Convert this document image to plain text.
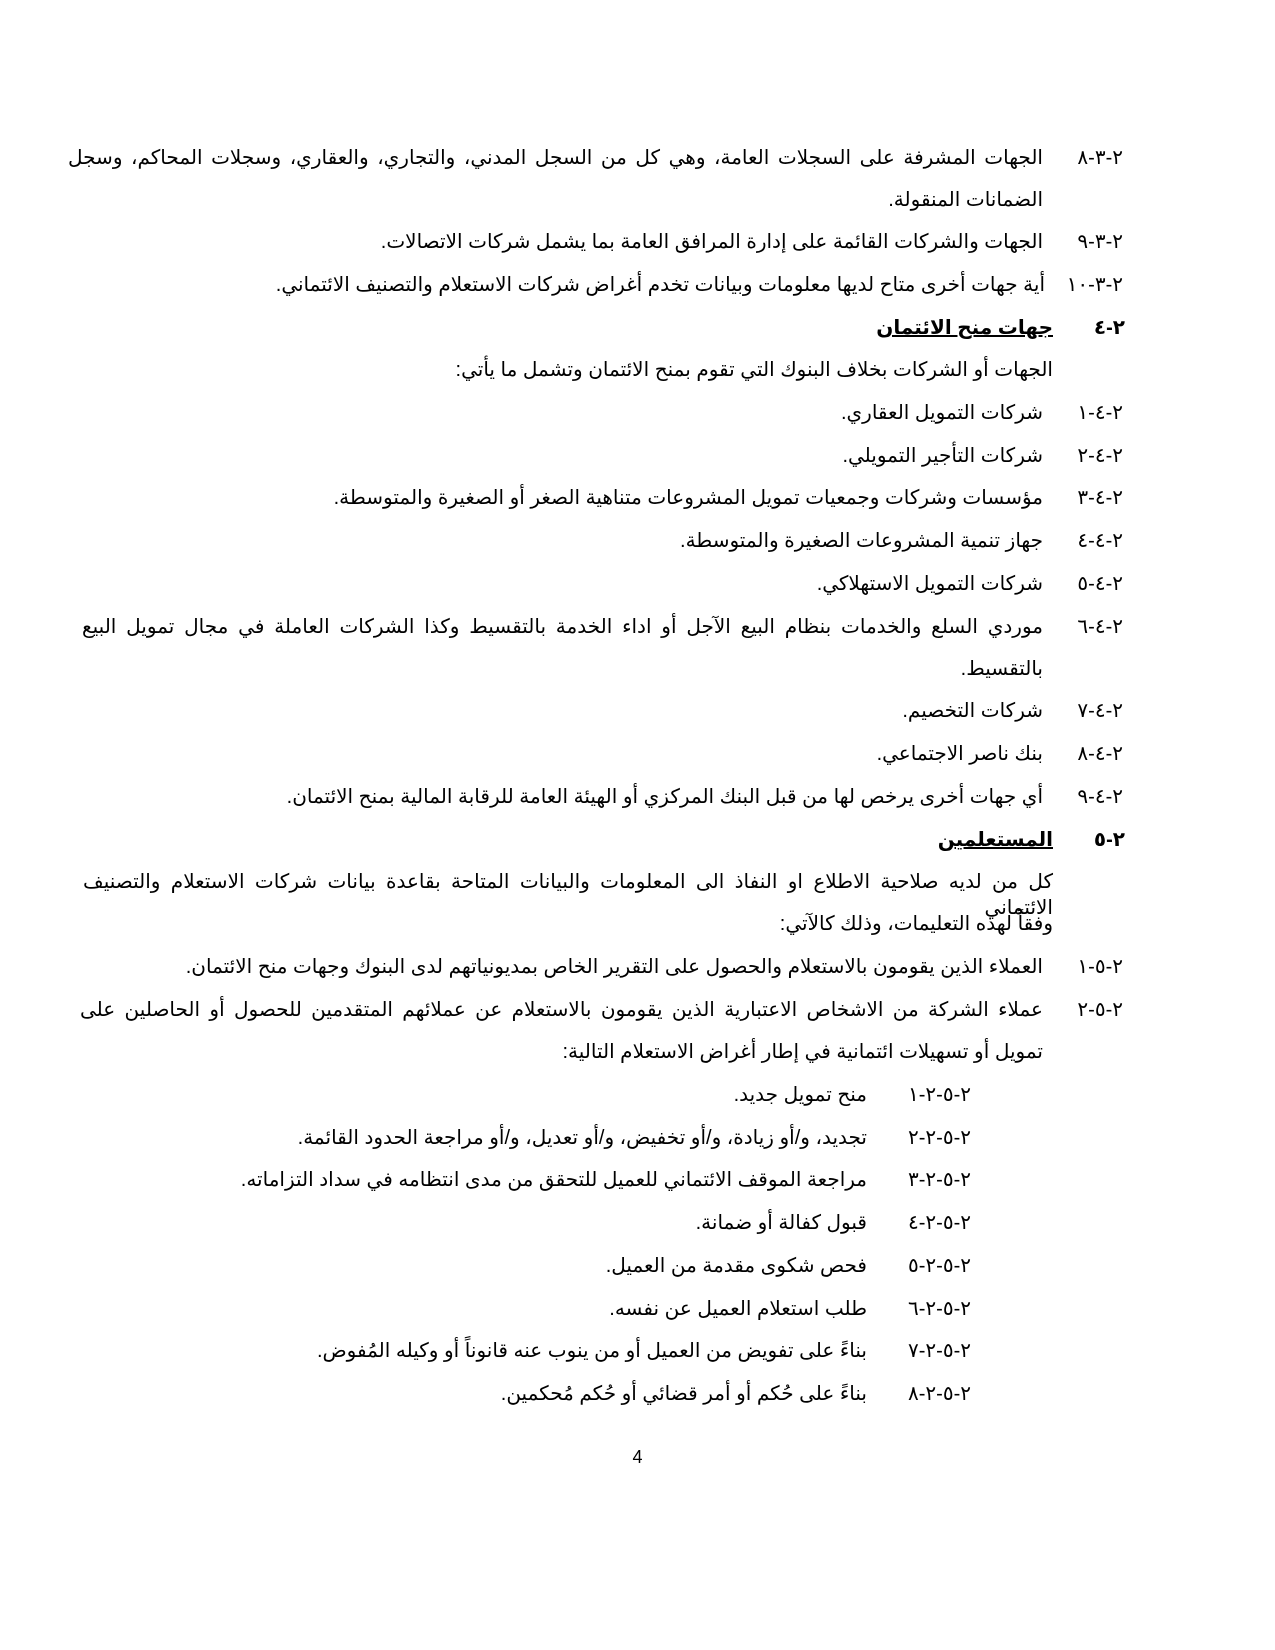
٢-٣-٨
الجهات المشرفة على السجلات العامة، وهي كل من السجل المدني، والتجاري، والعقاري، وسجلات المحاكم، وسجل
الضمانات المنقولة.
٢-٣-٩
الجهات والشركات القائمة على إدارة المرافق العامة بما يشمل شركات الاتصالات.
٢-٣-١٠
أية جهات أخرى متاح لديها معلومات وبيانات تخدم أغراض شركات الاستعلام والتصنيف الائتماني.
٢-٤
جهات منح الائتمان
الجهات أو الشركات بخلاف البنوك التي تقوم بمنح الائتمان وتشمل ما يأتي:
٢-٤-١
شركات التمويل العقاري.
٢-٤-٢
شركات التأجير التمويلي.
٢-٤-٣
مؤسسات وشركات وجمعيات تمويل المشروعات متناهية الصغر أو الصغيرة والمتوسطة.
٢-٤-٤
جهاز تنمية المشروعات الصغيرة والمتوسطة.
٢-٤-٥
شركات التمويل الاستهلاكي.
٢-٤-٦
موردي السلع والخدمات بنظام البيع الآجل أو اداء الخدمة بالتقسيط وكذا الشركات العاملة في مجال تمويل البيع
بالتقسيط.
٢-٤-٧
شركات التخصيم.
٢-٤-٨
بنك ناصر الاجتماعي.
٢-٤-٩
أي جهات أخرى يرخص لها من قبل البنك المركزي أو الهيئة العامة للرقابة المالية بمنح الائتمان.
٢-٥
المستعلمين
كل من لديه صلاحية الاطلاع او النفاذ الى المعلومات والبيانات المتاحة بقاعدة بيانات شركات الاستعلام والتصنيف الائتماني
وفقاً لهذه التعليمات، وذلك كالآتي:
٢-٥-١
العملاء الذين يقومون بالاستعلام والحصول على التقرير الخاص بمديونياتهم لدى البنوك وجهات منح الائتمان.
٢-٥-٢
عملاء الشركة من الاشخاص الاعتبارية الذين يقومون بالاستعلام عن عملائهم المتقدمين للحصول أو الحاصلين على
تمويل أو تسهيلات ائتمانية في إطار أغراض الاستعلام التالية:
٢-٥-٢-١
منح تمويل جديد.
٢-٥-٢-٢
تجديد، و/أو زيادة، و/أو تخفيض، و/أو تعديل، و/أو مراجعة الحدود القائمة.
٢-٥-٢-٣
مراجعة الموقف الائتماني للعميل للتحقق من مدى انتظامه في سداد التزاماته.
٢-٥-٢-٤
قبول كفالة أو ضمانة.
٢-٥-٢-٥
فحص شكوى مقدمة من العميل.
٢-٥-٢-٦
طلب استعلام العميل عن نفسه.
٢-٥-٢-٧
بناءً على تفويض من العميل أو من ينوب عنه قانوناً أو وكيله المُفوض.
٢-٥-٢-٨
بناءً على حُكم أو أمر قضائي أو حُكم مُحكمين.
4
